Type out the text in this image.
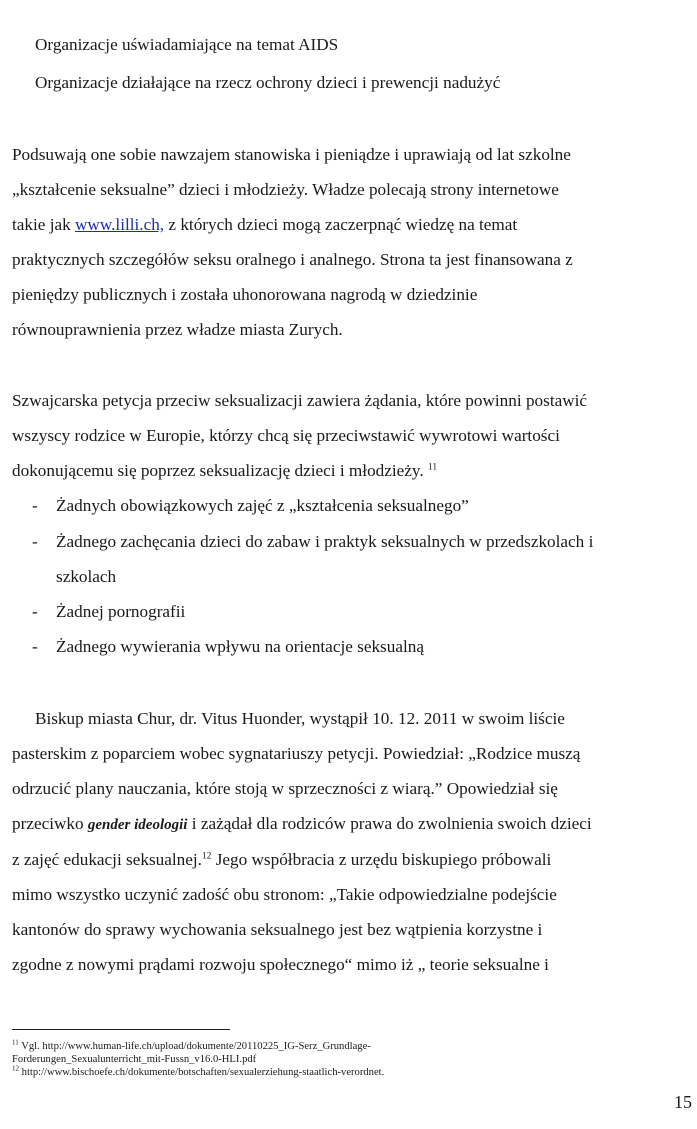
Organizacje uświadamiające na temat AIDS

Organizacje działające na rzecz ochrony dzieci i prewencji nadużyć

Podsuwają one sobie nawzajem stanowiska i pieniądze i uprawiają od lat szkolne

„kształcenie seksualne” dzieci i młodzieży. Władze polecają strony internetowe

takie jak www.lilli.ch, z których dzieci mogą zaczerpnąć wiedzę na temat

praktycznych szczegółów seksu oralnego i analnego. Strona ta jest finansowana z

pieniędzy publicznych i została uhonorowana nagrodą w dziedzinie

równouprawnienia przez władze miasta Zurych.

Szwajcarska petycja przeciw seksualizacji zawiera żądania, które powinni postawić

wszyscy rodzice w Europie, którzy chcą się przeciwstawić wywrotowi wartości

dokonującemu się poprzez seksualizację dzieci i młodzieży. $^{11}$

- Żadnych obowiązkowych zajęć z „kształcenia seksualnego”

- Żadnego zachęcania dzieci do zabaw i praktyk seksualnych w przedszkolach i

szkolach

- Żadnej pornografii

- Żadnego wywierania wpływu na orientacje seksualną

Biskup miasta Chur, dr. Vitus Huonder, wystąpił 10. 12. 2011 w swoim liście

pasterskim z poparciem wobec sygnatariuszy petycji. Powiedział: „Rodzice muszą

odrzucić plany nauczania, które stoją w sprzeczności z wiarą.” Opowiedział się

przeciwko gender ideologii i zażądał dla rodziców prawa do zwolnienia swoich dzieci

z zajęć edukacji seksualnej.$^{12}$ Jego współbracia z urzędu biskupiego próbowali

mimo wszystko uczynić zadość obu stronom: „Takie odpowiedzialne podejście

kantonów do sprawy wychowania seksualnego jest bez wątpienia korzystne i

zgodne z nowymi prądami rozwoju społecznego“ mimo iż „ teorie seksualne i

$^{11}$ Vgl. http://www.human-life.ch/upload/dokumente/20110225_IG-Serz_Grundlage-

Forderungen_Sexualunterricht_mit-Fussn_v16.0-HLI.pdf

$^{12}$ http://www.bischoefe.ch/dokumente/botschaften/sexualerziehung-staatlich-verordnet.

15
